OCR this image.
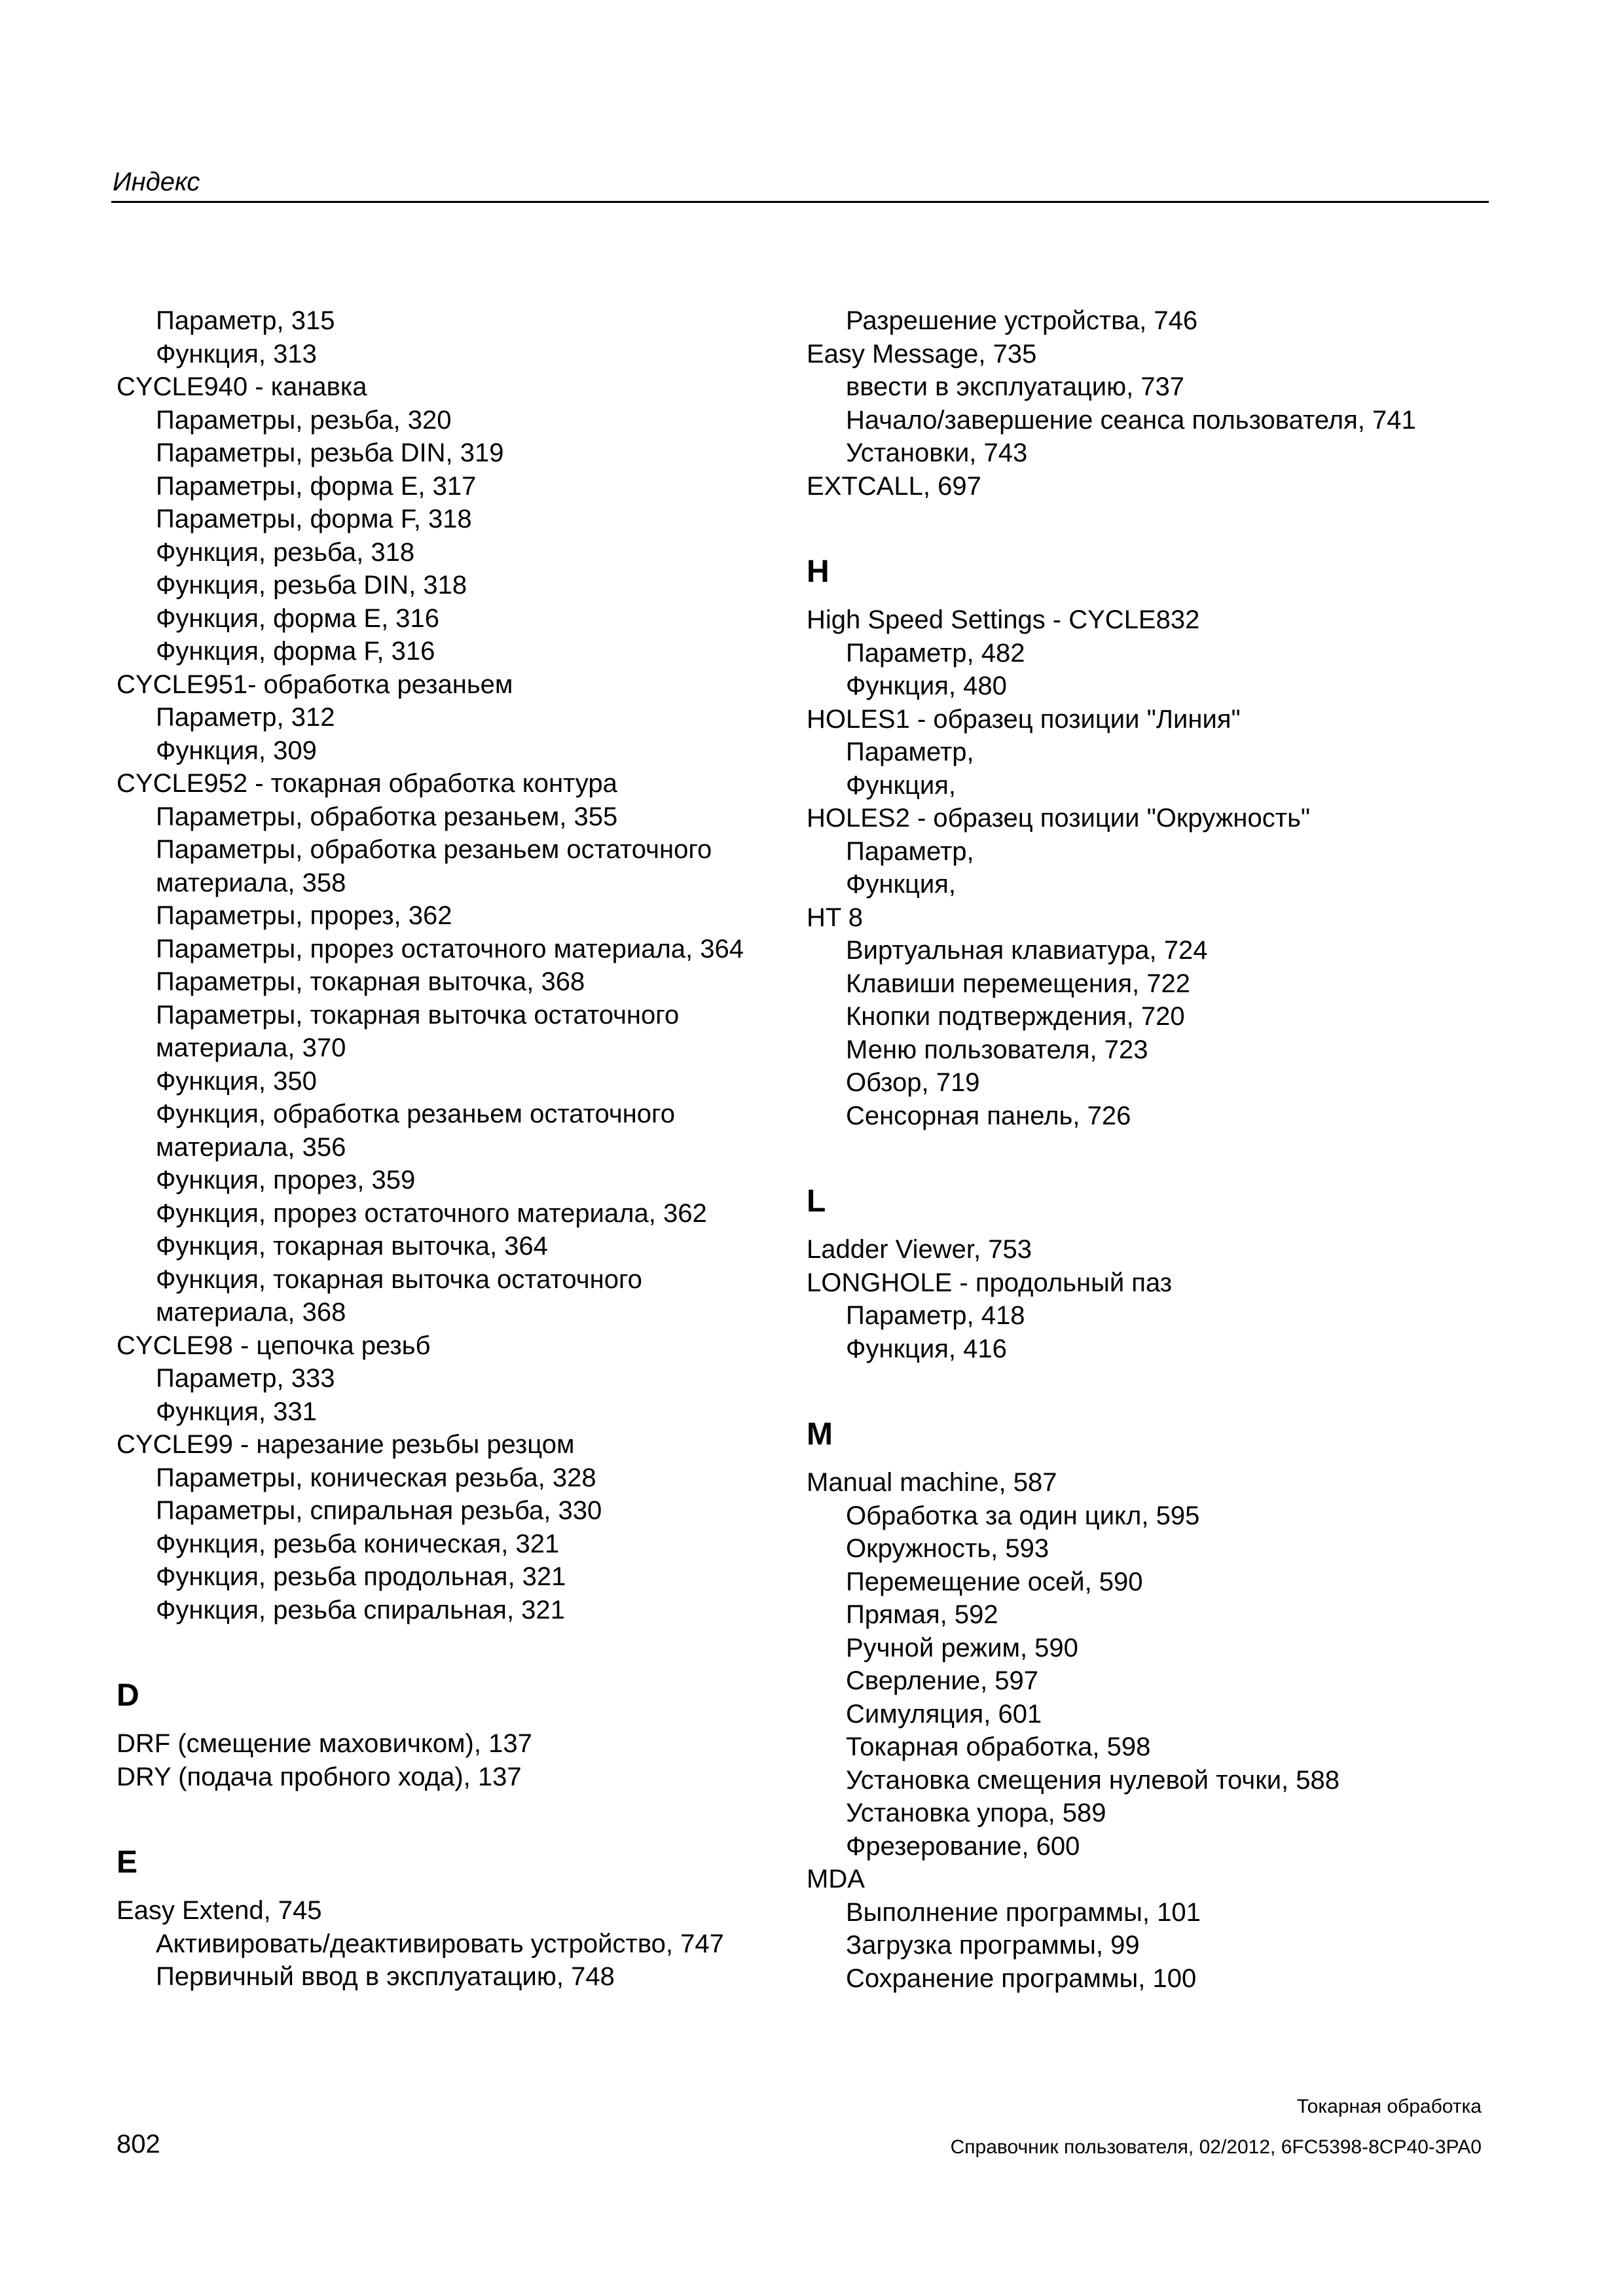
Индекс
Параметр, 315
Функция, 313
CYCLE940 - канавка
Параметры, резьба, 320
Параметры, резьба DIN, 319
Параметры, форма E, 317
Параметры, форма F, 318
Функция, резьба, 318
Функция, резьба DIN, 318
Функция, форма E, 316
Функция, форма F, 316
CYCLE951- обработка резаньем
Параметр, 312
Функция, 309
CYCLE952 - токарная обработка контура
Параметры, обработка резаньем, 355
Параметры, обработка резаньем остаточного
материала, 358
Параметры, прорез, 362
Параметры, прорез остаточного материала, 364
Параметры, токарная выточка, 368
Параметры, токарная выточка остаточного
материала, 370
Функция, 350
Функция, обработка резаньем остаточного
материала, 356
Функция, прорез, 359
Функция, прорез остаточного материала, 362
Функция, токарная выточка, 364
Функция, токарная выточка остаточного
материала, 368
CYCLE98 - цепочка резьб
Параметр, 333
Функция, 331
CYCLE99 - нарезание резьбы резцом
Параметры, коническая резьба, 328
Параметры, спиральная резьба, 330
Функция, резьба коническая, 321
Функция, резьба продольная, 321
Функция, резьба спиральная, 321
D
DRF (смещение маховичком), 137
DRY (подача пробного хода), 137
E
Easy Extend, 745
Активировать/деактивировать устройство, 747
Первичный ввод в эксплуатацию, 748
Разрешение устройства, 746
Easy Message, 735
ввести в эксплуатацию, 737
Начало/завершение сеанса пользователя, 741
Установки, 743
EXTCALL, 697
H
High Speed Settings - CYCLE832
Параметр, 482
Функция, 480
HOLES1 - образец позиции "Линия"
Параметр,
Функция,
HOLES2 - образец позиции "Окружность"
Параметр,
Функция,
HT 8
Виртуальная клавиатура, 724
Клавиши перемещения, 722
Кнопки подтверждения, 720
Меню пользователя, 723
Обзор, 719
Сенсорная панель, 726
L
Ladder Viewer, 753
LONGHOLE - продольный паз
Параметр, 418
Функция, 416
M
Manual machine, 587
Обработка за один цикл, 595
Окружность, 593
Перемещение осей, 590
Прямая, 592
Ручной режим, 590
Сверление, 597
Симуляция, 601
Токарная обработка, 598
Установка смещения нулевой точки, 588
Установка упора, 589
Фрезерование, 600
MDA
Выполнение программы, 101
Загрузка программы, 99
Сохранение программы, 100
802
Токарная обработка
Справочник пользователя, 02/2012, 6FC5398-8CP40-3PA0
